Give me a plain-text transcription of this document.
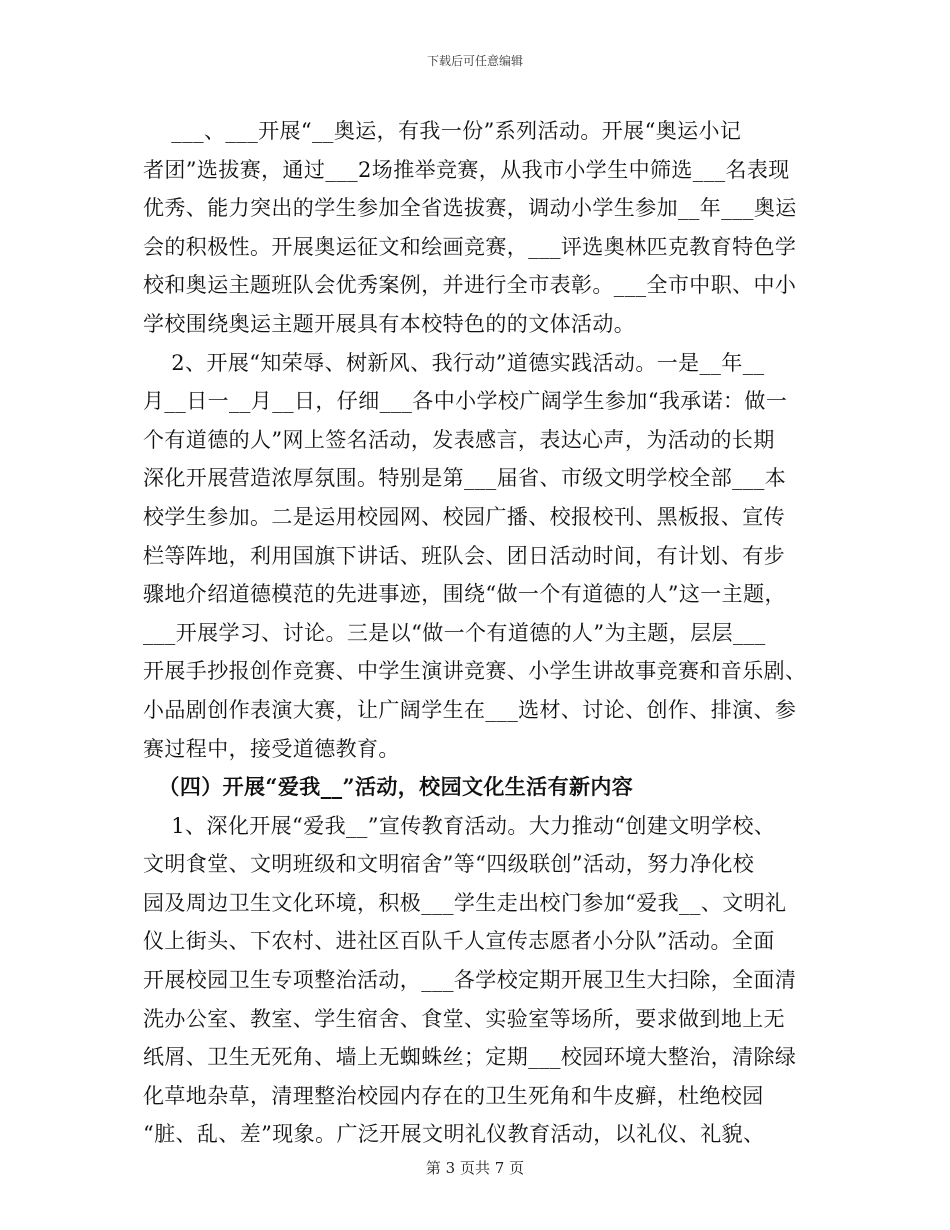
下载后可任意编辑
___、___开展“__奥运，有我一份”系列活动。开展“奥运小记
者团”选拔赛，通过___2场推举竞赛，从我市小学生中筛选___名表现
优秀、能力突出的学生参加全省选拔赛，调动小学生参加__年___奥运
会的积极性。开展奥运征文和绘画竞赛，___评选奥林匹克教育特色学
校和奥运主题班队会优秀案例，并进行全市表彰。___全市中职、中小
学校围绕奥运主题开展具有本校特色的的文体活动。
2、开展“知荣辱、树新风、我行动”道德实践活动。一是__年__
月__日一__月__日，仔细___各中小学校广阔学生参加“我承诺：做一
个有道德的人”网上签名活动，发表感言，表达心声，为活动的长期
深化开展营造浓厚氛围。特别是第___届省、市级文明学校全部___本
校学生参加。二是运用校园网、校园广播、校报校刊、黑板报、宣传
栏等阵地，利用国旗下讲话、班队会、团日活动时间，有计划、有步
骤地介绍道德模范的先进事迹，围绕“做一个有道德的人”这一主题，
___开展学习、讨论。三是以“做一个有道德的人”为主题，层层___
开展手抄报创作竞赛、中学生演讲竞赛、小学生讲故事竞赛和音乐剧、
小品剧创作表演大赛，让广阔学生在___选材、讨论、创作、排演、参
赛过程中，接受道德教育。
（四）开展“爱我__”活动，校园文化生活有新内容
1、深化开展“爱我__”宣传教育活动。大力推动“创建文明学校、
文明食堂、文明班级和文明宿舍”等“四级联创”活动，努力净化校
园及周边卫生文化环境，积极___学生走出校门参加“爱我__、文明礼
仪上街头、下农村、进社区百队千人宣传志愿者小分队”活动。全面
开展校园卫生专项整治活动，___各学校定期开展卫生大扫除，全面清
洗办公室、教室、学生宿舍、食堂、实验室等场所，要求做到地上无
纸屑、卫生无死角、墙上无蜘蛛丝；定期___校园环境大整治，清除绿
化草地杂草，清理整治校园内存在的卫生死角和牛皮癣，杜绝校园
“脏、乱、差”现象。广泛开展文明礼仪教育活动，以礼仪、礼貌、
第 3 页共 7 页
